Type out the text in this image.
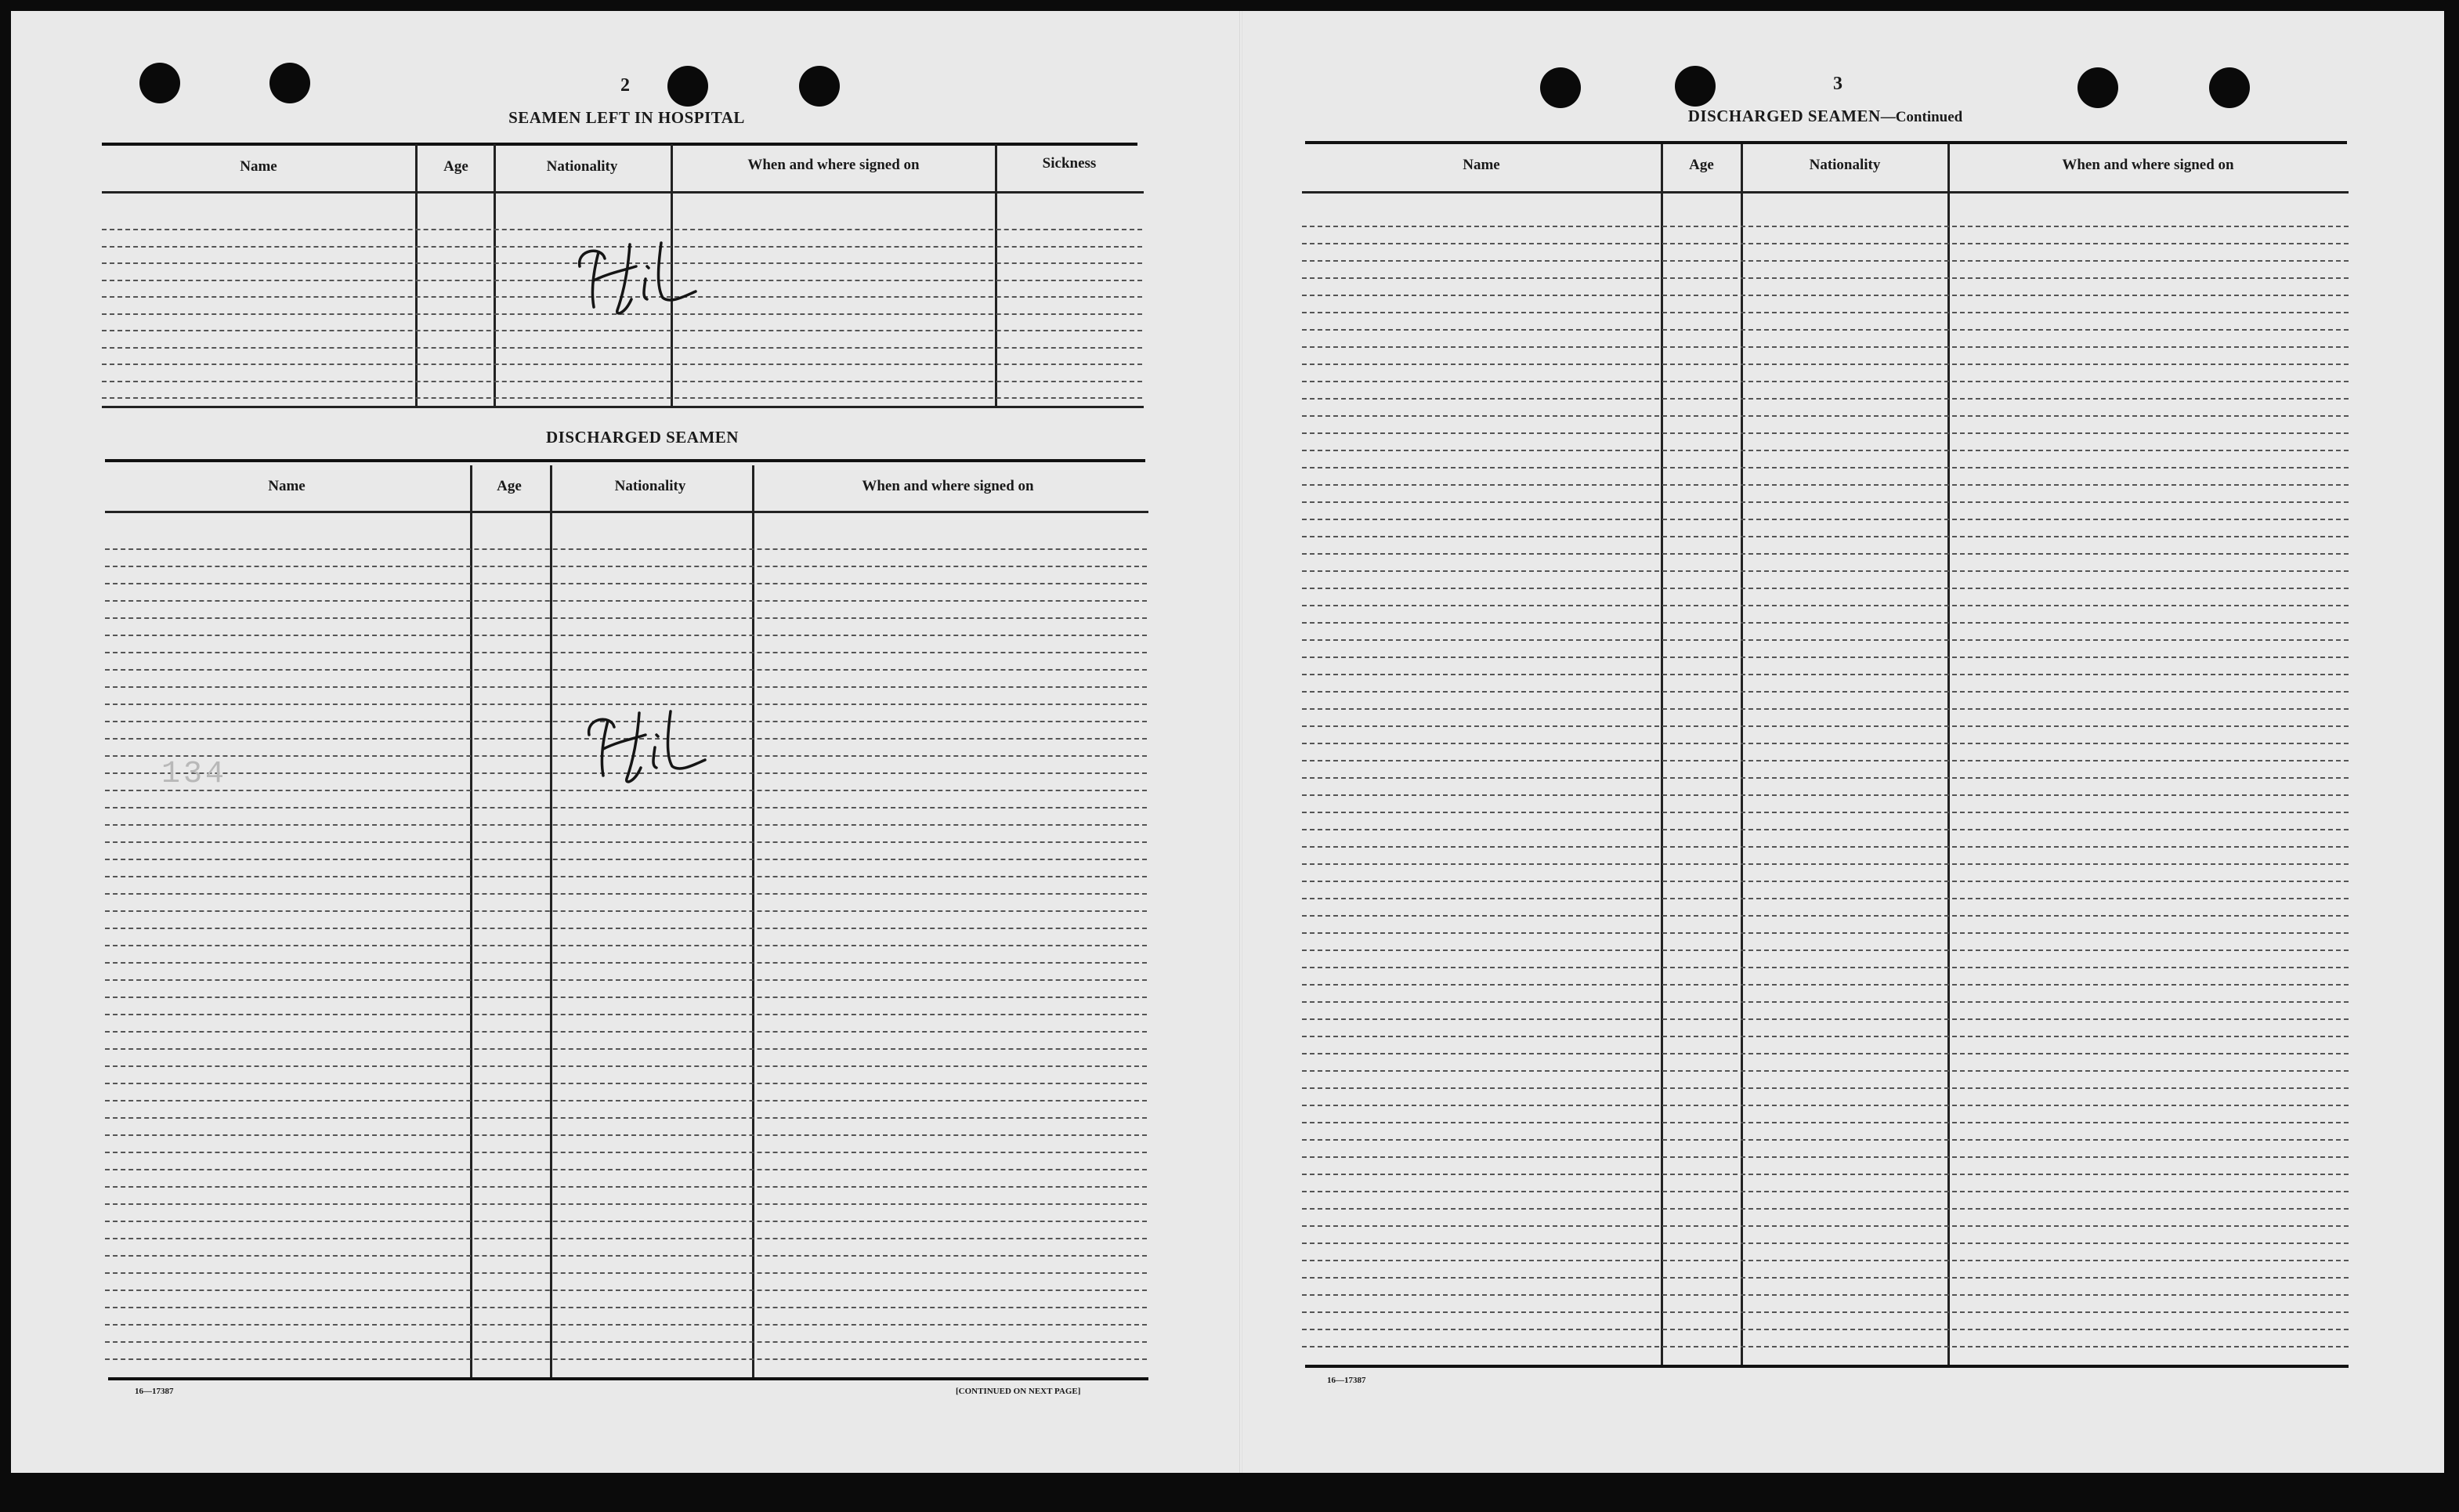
2
SEAMEN LEFT IN HOSPITAL
Name	Age	Nationality	When and where signed on	Sickness
DISCHARGED SEAMEN
Name	Age	Nationality	When and where signed on
134
16—17387	[CONTINUED ON NEXT PAGE]
3
DISCHARGED SEAMEN—Continued
Name	Age	Nationality	When and where signed on
16—17387
